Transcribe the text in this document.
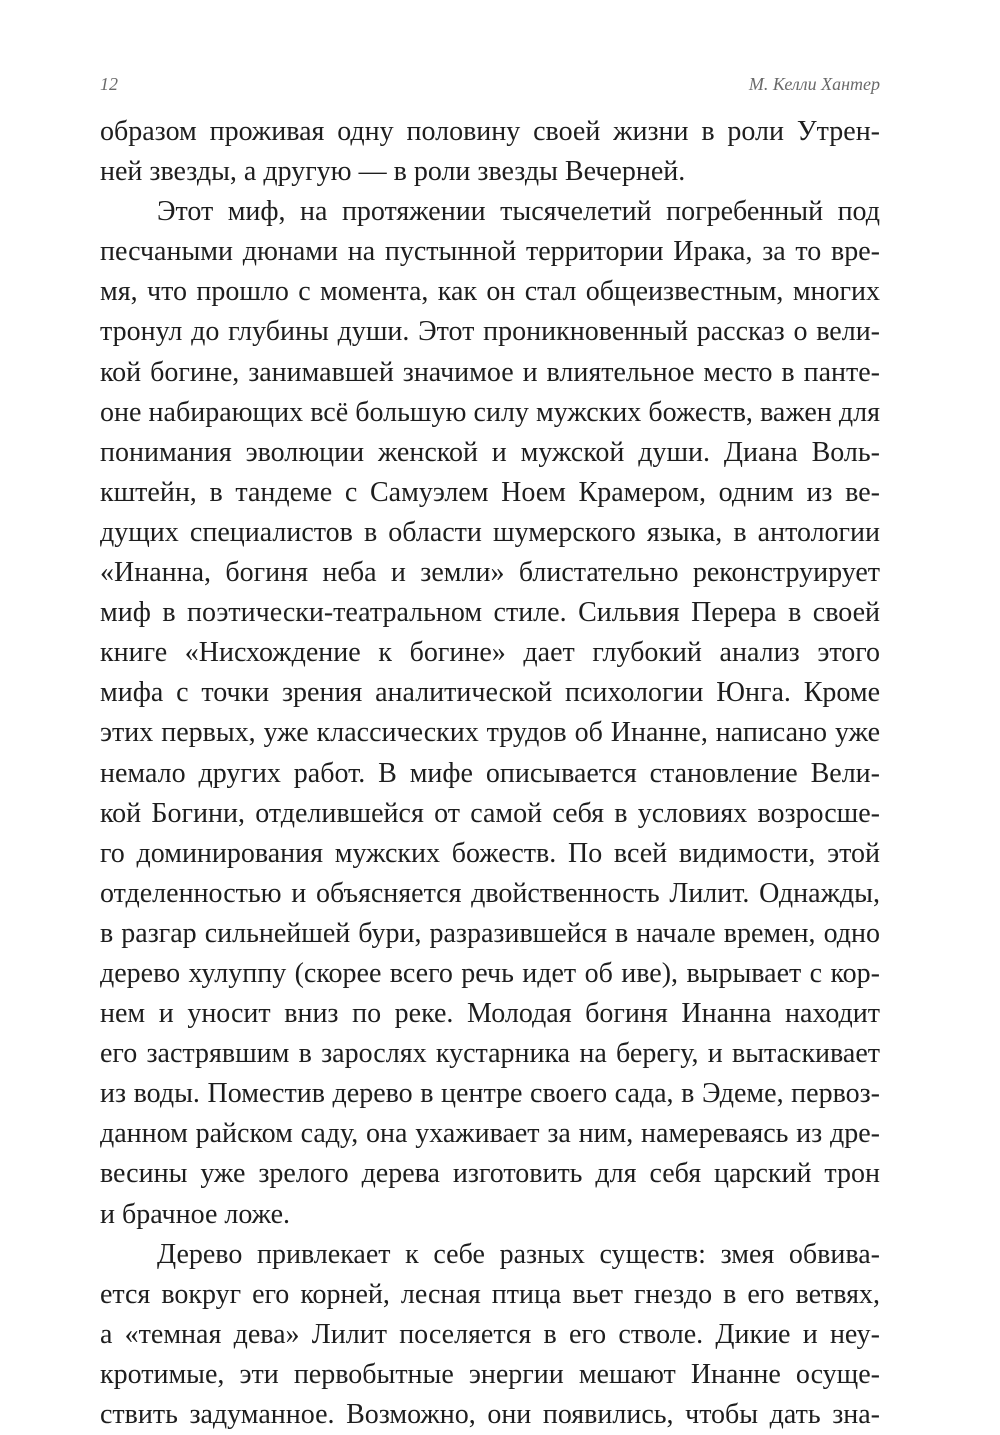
12	М. Келли Хантер
образом проживая одну половину своей жизни в роли Утрен-
ней звезды, а другую — в роли звезды Вечерней.
Этот миф, на протяжении тысячелетий погребенный под
песчаными дюнами на пустынной территории Ирака, за то вре-
мя, что прошло с момента, как он стал общеизвестным, многих
тронул до глубины души. Этот проникновенный рассказ о вели-
кой богине, занимавшей значимое и влиятельное место в панте-
оне набирающих всё большую силу мужских божеств, важен для
понимания эволюции женской и мужской души. Диана Воль-
кштейн, в тандеме с Самуэлем Ноем Крамером, одним из ве-
дущих специалистов в области шумерского языка, в антологии
«Инанна, богиня неба и земли» блистательно реконструирует
миф в поэтически-театральном стиле. Сильвия Перера в своей
книге «Нисхождение к богине» дает глубокий анализ этого
мифа с точки зрения аналитической психологии Юнга. Кроме
этих первых, уже классических трудов об Инанне, написано уже
немало других работ. В мифе описывается становление Вели-
кой Богини, отделившейся от самой себя в условиях возросше-
го доминирования мужских божеств. По всей видимости, этой
отделенностью и объясняется двойственность Лилит. Однажды,
в разгар сильнейшей бури, разразившейся в начале времен, одно
дерево хулуппу (скорее всего речь идет об иве), вырывает с кор-
нем и уносит вниз по реке. Молодая богиня Инанна находит
его застрявшим в зарослях кустарника на берегу, и вытаскивает
из воды. Поместив дерево в центре своего сада, в Эдеме, первоз-
данном райском саду, она ухаживает за ним, намереваясь из дре-
весины уже зрелого дерева изготовить для себя царский трон
и брачное ложе.
Дерево привлекает к себе разных существ: змея обвива-
ется вокруг его корней, лесная птица вьет гнездо в его ветвях,
а «темная дева» Лилит поселяется в его стволе. Дикие и неу-
кротимые, эти первобытные энергии мешают Инанне осуще-
ствить задуманное. Возможно, они появились, чтобы дать зна-
